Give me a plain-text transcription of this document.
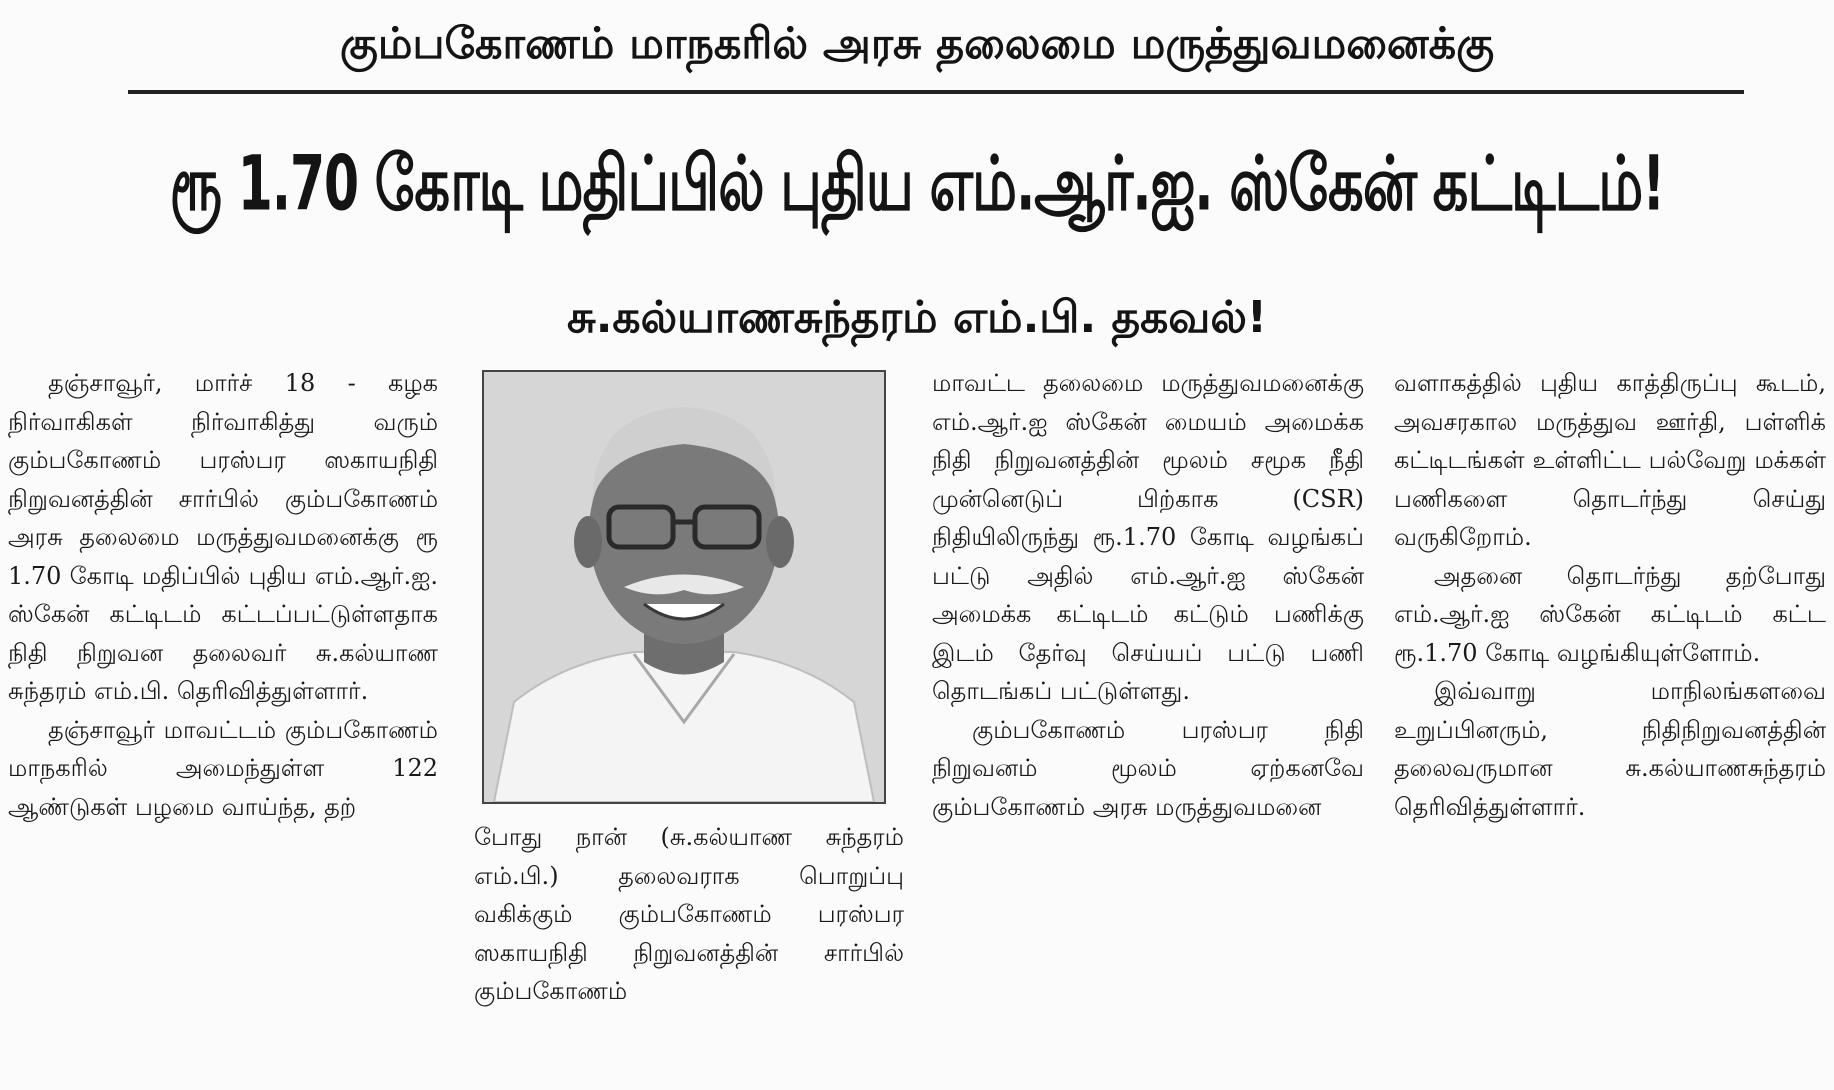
கும்பகோணம் மாநகரில் அரசு தலைமை மருத்துவமனைக்கு
ரூ 1.70 கோடி மதிப்பில் புதிய எம்.ஆர்.ஐ. ஸ்கேன் கட்டிடம்!
சு.கல்யாணசுந்தரம் எம்.பி. தகவல்!

தஞ்சாவூர், மார்ச் 18 - கழக நிர்வாகிகள் நிர்வாகித்து வரும் கும்பகோணம் பரஸ்பர ஸகாயநிதி நிறுவனத்தின் சார்பில் கும்பகோணம் அரசு தலைமை மருத்துவமனைக்கு ரூ 1.70 கோடி மதிப்பில் புதிய எம்.ஆர்.ஐ. ஸ்கேன் கட்டிடம் கட்டப்பட்டுள்ளதாக நிதி நிறுவன தலைவர் சு.கல்யாண சுந்தரம் எம்.பி. தெரிவித்துள்ளார்.

தஞ்சாவூர் மாவட்டம் கும்பகோணம் மாநகரில் அமைந்துள்ள 122 ஆண்டுகள் பழமை வாய்ந்த, தற்

போது நான் (சு.கல்யாண சுந்தரம் எம்.பி.) தலைவராக பொறுப்பு வகிக்கும் கும்பகோணம் பரஸ்பர ஸகாயநிதி நிறுவனத்தின் சார்பில் கும்பகோணம்

மாவட்ட தலைமை மருத்துவமனைக்கு எம்.ஆர்.ஐ ஸ்கேன் மையம் அமைக்க நிதி நிறுவனத்தின் மூலம் சமூக நீதி முன்னெடுப் பிற்காக (CSR) நிதியிலிருந்து ரூ.1.70 கோடி வழங்கப் பட்டு அதில் எம்.ஆர்.ஐ ஸ்கேன் அமைக்க கட்டிடம் கட்டும் பணிக்கு இடம் தேர்வு செய்யப் பட்டு பணி தொடங்கப் பட்டுள்ளது.

கும்பகோணம் பரஸ்பர நிதி நிறுவனம் மூலம் ஏற்கனவே கும்பகோணம் அரசு மருத்துவமனை

வளாகத்தில் புதிய காத்திருப்பு கூடம், அவசரகால மருத்துவ ஊர்தி, பள்ளிக் கட்டிடங்கள் உள்ளிட்ட பல்வேறு மக்கள் பணிகளை தொடர்ந்து செய்து வருகிறோம்.

அதனை தொடர்ந்து தற்போது எம்.ஆர்.ஐ ஸ்கேன் கட்டிடம் கட்ட ரூ.1.70 கோடி வழங்கியுள்ளோம்.

இவ்வாறு மாநிலங்களவை உறுப்பினரும், நிதிநிறுவனத்தின் தலைவருமான சு.கல்யாணசுந்தரம் தெரிவித்துள்ளார்.
